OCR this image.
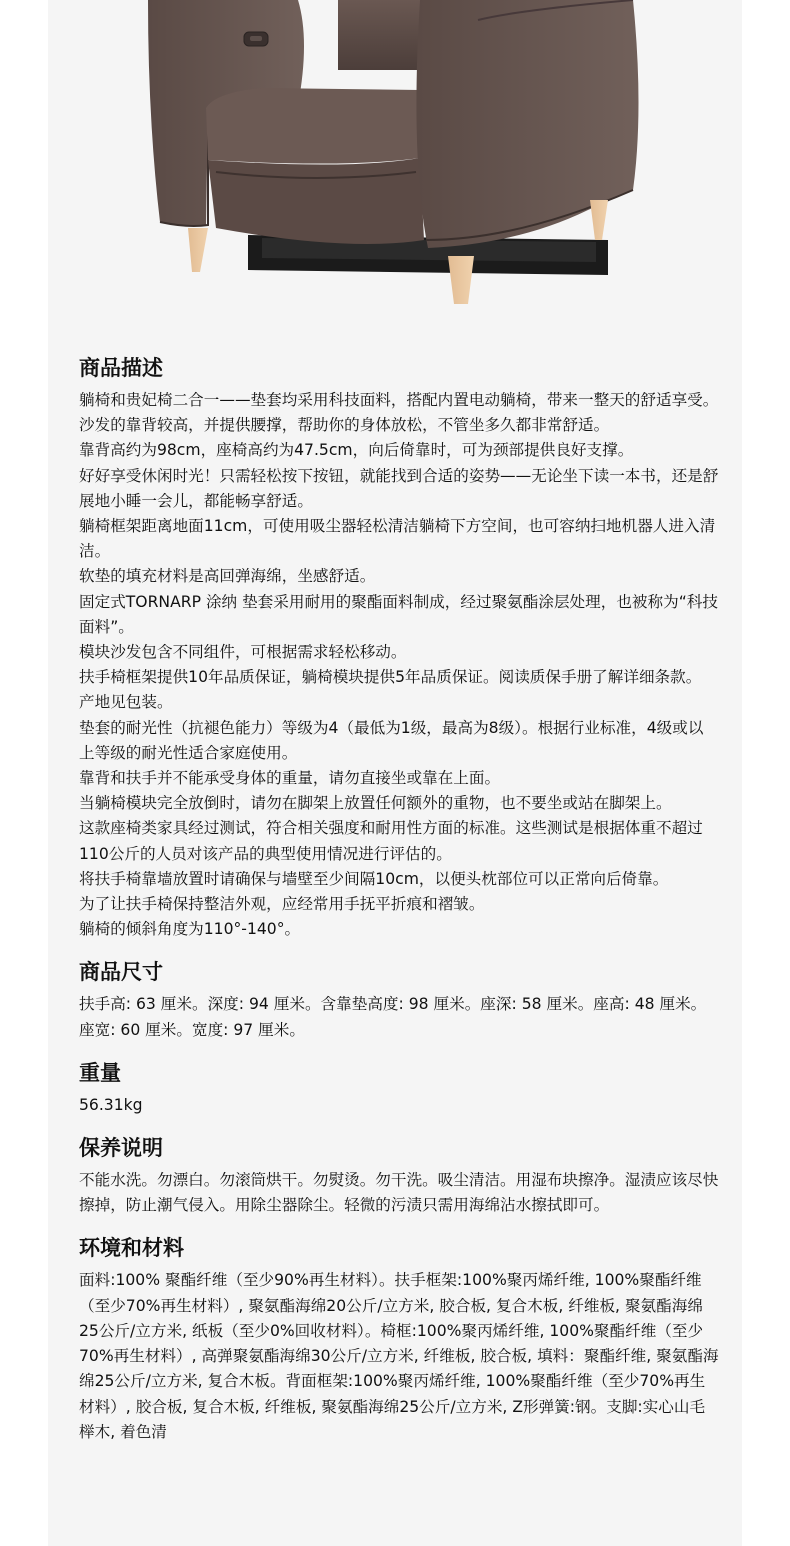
商品描述

躺椅和贵妃椅二合一——垫套均采用科技面料，搭配内置电动躺椅，带来一整天的舒适享受。

沙发的靠背较高，并提供腰撑，帮助你的身体放松，不管坐多久都非常舒适。

靠背高约为98cm，座椅高约为47.5cm，向后倚靠时，可为颈部提供良好支撑。

好好享受休闲时光！只需轻松按下按钮，就能找到合适的姿势——无论坐下读一本书，还是舒展地小睡一会儿，都能畅享舒适。

躺椅框架距离地面11cm，可使用吸尘器轻松清洁躺椅下方空间，也可容纳扫地机器人进入清洁。

软垫的填充材料是高回弹海绵，坐感舒适。

固定式TORNARP 涂纳 垫套采用耐用的聚酯面料制成，经过聚氨酯涂层处理，也被称为“科技面料”。

模块沙发包含不同组件，可根据需求轻松移动。

扶手椅框架提供10年品质保证，躺椅模块提供5年品质保证。阅读质保手册了解详细条款。

产地见包装。

垫套的耐光性（抗褪色能力）等级为4（最低为1级，最高为8级）。根据行业标准，4级或以上等级的耐光性适合家庭使用。

靠背和扶手并不能承受身体的重量，请勿直接坐或靠在上面。

当躺椅模块完全放倒时，请勿在脚架上放置任何额外的重物，也不要坐或站在脚架上。

这款座椅类家具经过测试，符合相关强度和耐用性方面的标准。这些测试是根据体重不超过110公斤的人员对该产品的典型使用情况进行评估的。

将扶手椅靠墙放置时请确保与墙壁至少间隔10cm，以便头枕部位可以正常向后倚靠。

为了让扶手椅保持整洁外观，应经常用手抚平折痕和褶皱。

躺椅的倾斜角度为110°-140°。

商品尺寸

扶手高: 63 厘米。深度: 94 厘米。含靠垫高度: 98 厘米。座深: 58 厘米。座高: 48 厘米。座宽: 60 厘米。宽度: 97 厘米。

重量

56.31kg

保养说明

不能水洗。勿漂白。勿滚筒烘干。勿熨烫。勿干洗。吸尘清洁。用湿布块擦净。湿渍应该尽快擦掉，防止潮气侵入。用除尘器除尘。轻微的污渍只需用海绵沾水擦拭即可。

环境和材料

面料:100% 聚酯纤维（至少90%再生材料）。扶手框架:100%聚丙烯纤维, 100%聚酯纤维（至少70%再生材料）, 聚氨酯海绵20公斤/立方米, 胶合板, 复合木板, 纤维板, 聚氨酯海绵25公斤/立方米, 纸板（至少0%回收材料）。椅框:100%聚丙烯纤维, 100%聚酯纤维（至少70%再生材料）, 高弹聚氨酯海绵30公斤/立方米, 纤维板, 胶合板, 填料：聚酯纤维, 聚氨酯海绵25公斤/立方米, 复合木板。背面框架:100%聚丙烯纤维, 100%聚酯纤维（至少70%再生材料）, 胶合板, 复合木板, 纤维板, 聚氨酯海绵25公斤/立方米, Z形弹簧:钢。支脚:实心山毛榉木, 着色清
